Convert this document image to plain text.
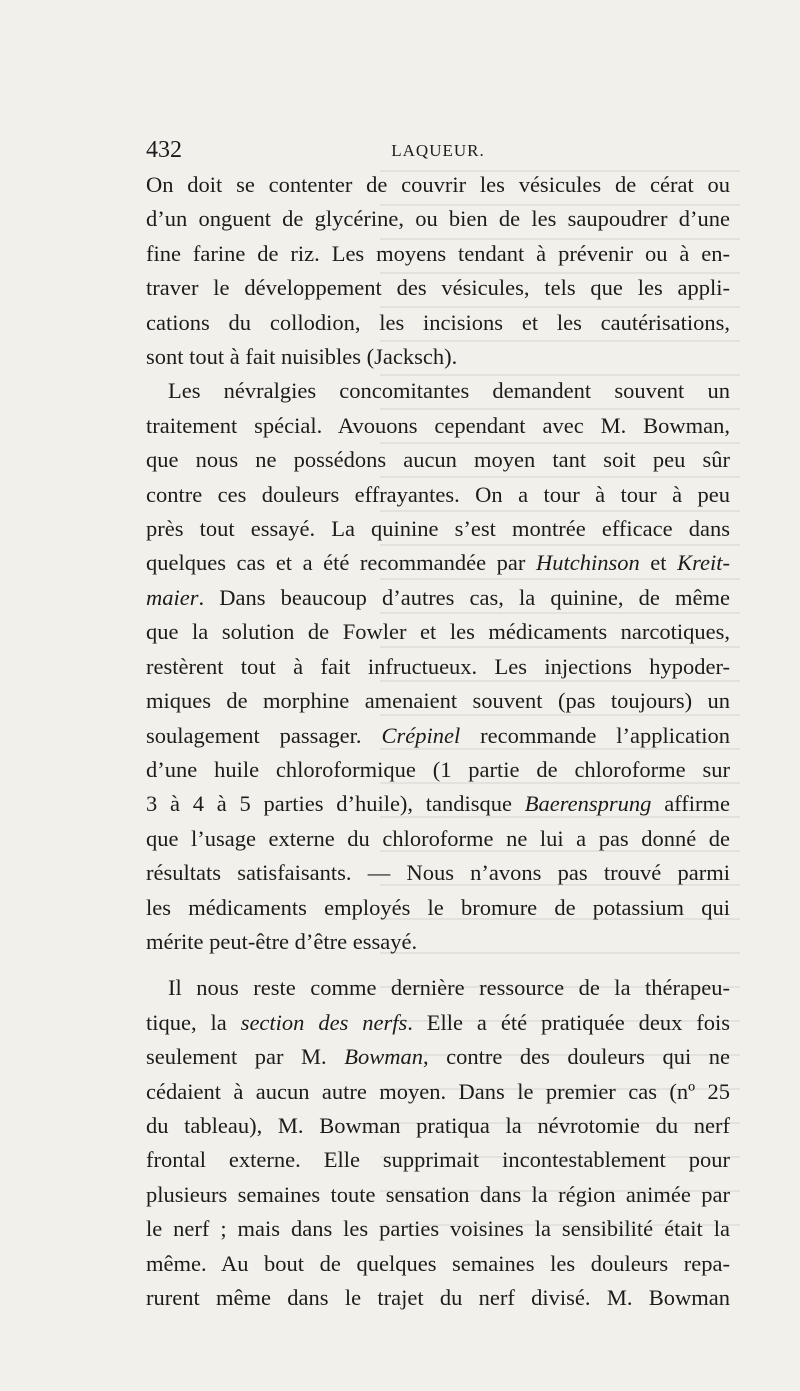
432	LAQUEUR.
On doit se contenter de couvrir les vésicules de cérat ou
d’un onguent de glycérine, ou bien de les saupoudrer d’une
fine farine de riz. Les moyens tendant à prévenir ou à en-
traver le développement des vésicules, tels que les appli-
cations du collodion, les incisions et les cautérisations,
sont tout à fait nuisibles (Jacksch).
Les névralgies concomitantes demandent souvent un
traitement spécial. Avouons cependant avec M. Bowman,
que nous ne possédons aucun moyen tant soit peu sûr
contre ces douleurs effrayantes. On a tour à tour à peu
près tout essayé. La quinine s’est montrée efficace dans
quelques cas et a été recommandée par Hutchinson et Kreit-
maier. Dans beaucoup d’autres cas, la quinine, de même
que la solution de Fowler et les médicaments narcotiques,
restèrent tout à fait infructueux. Les injections hypoder-
miques de morphine amenaient souvent (pas toujours) un
soulagement passager. Crépinel recommande l’application
d’une huile chloroformique (1 partie de chloroforme sur
3 à 4 à 5 parties d’huile), tandisque Baerensprung affirme
que l’usage externe du chloroforme ne lui a pas donné de
résultats satisfaisants. — Nous n’avons pas trouvé parmi
les médicaments employés le bromure de potassium qui
mérite peut-être d’être essayé.
Il nous reste comme dernière ressource de la thérapeu-
tique, la section des nerfs. Elle a été pratiquée deux fois
seulement par M. Bowman, contre des douleurs qui ne
cédaient à aucun autre moyen. Dans le premier cas (nº 25
du tableau), M. Bowman pratiqua la névrotomie du nerf
frontal externe. Elle supprimait incontestablement pour
plusieurs semaines toute sensation dans la région animée par
le nerf ; mais dans les parties voisines la sensibilité était la
même. Au bout de quelques semaines les douleurs repa-
rurent même dans le trajet du nerf divisé. M. Bowman
